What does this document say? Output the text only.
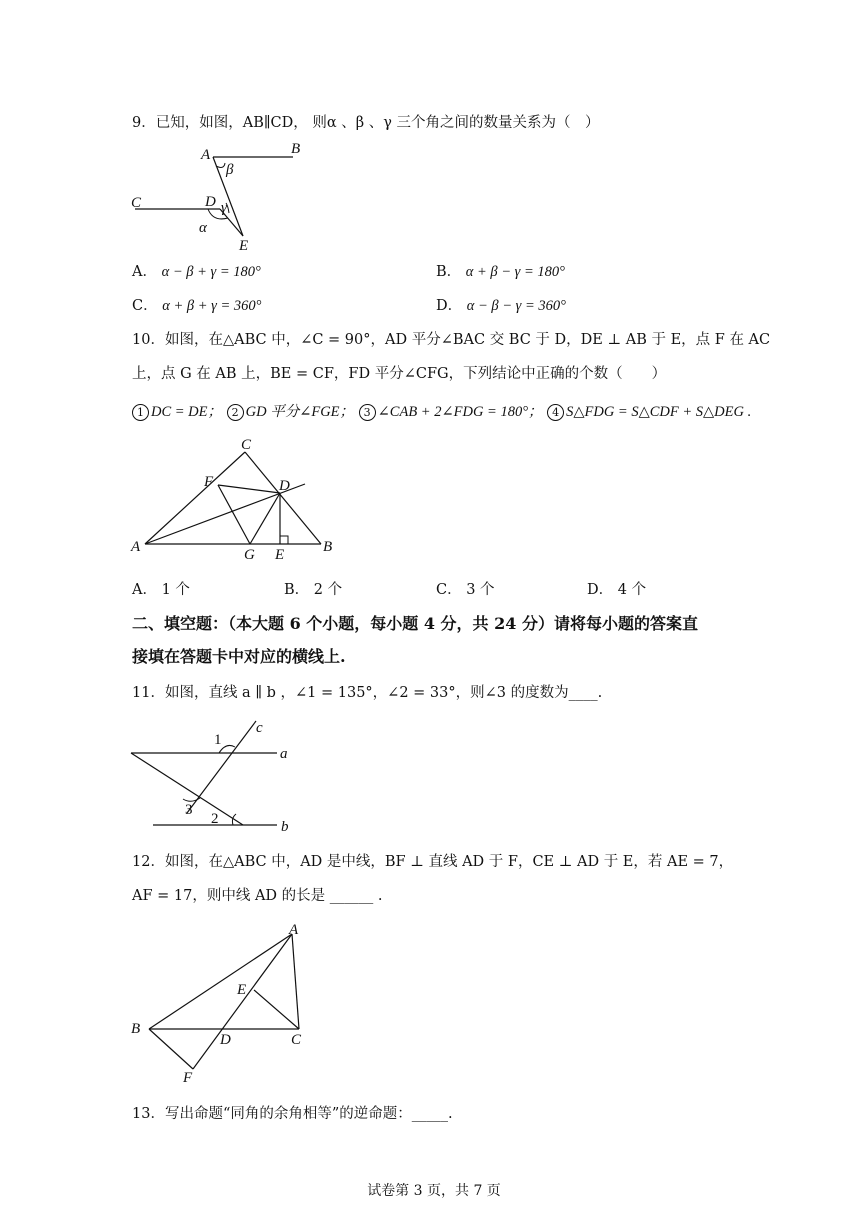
9．已知，如图，AB∥CD， 则α 、β 、γ 三个角之间的数量关系为（　）
A	B
C	D
E
α
β
γ
A． α − β + γ = 180°	B． α + β − γ = 180°
C． α + β + γ = 360°	D． α − β − γ = 360°
10．如图，在△ABC 中，∠C = 90°，AD 平分∠BAC 交 BC 于 D，DE ⊥ AB 于 E，点 F 在 AC
上，点 G 在 AB 上，BE = CF，FD 平分∠CFG，下列结论中正确的个数（　　）
1 DC = DE； 2 GD 平分∠FGE； 3 ∠CAB + 2∠FDG = 180°； 4 S△FDG = S△CDF + S△DEG .
C
F	D
A	G E	B
A． 1 个	B． 2 个	C． 3 个	D． 4 个
二、填空题：（本大题 6 个小题，每小题 4 分，共 24 分）请将每小题的答案直
接填在答题卡中对应的横线上.
11．如图，直线 a ∥ b ，∠1 = 135°，∠2 = 33°，则∠3 的度数为____.
1
3
2
c
a
b
12．如图，在△ABC 中，AD 是中线，BF ⊥ 直线 AD 于 F，CE ⊥ AD 于 E，若 AE = 7，
AF = 17，则中线 AD 的长是 ______ .
A
E
B
D	C
F
13．写出命题“同角的余角相等”的逆命题：_____.
试卷第 3 页，共 7 页
